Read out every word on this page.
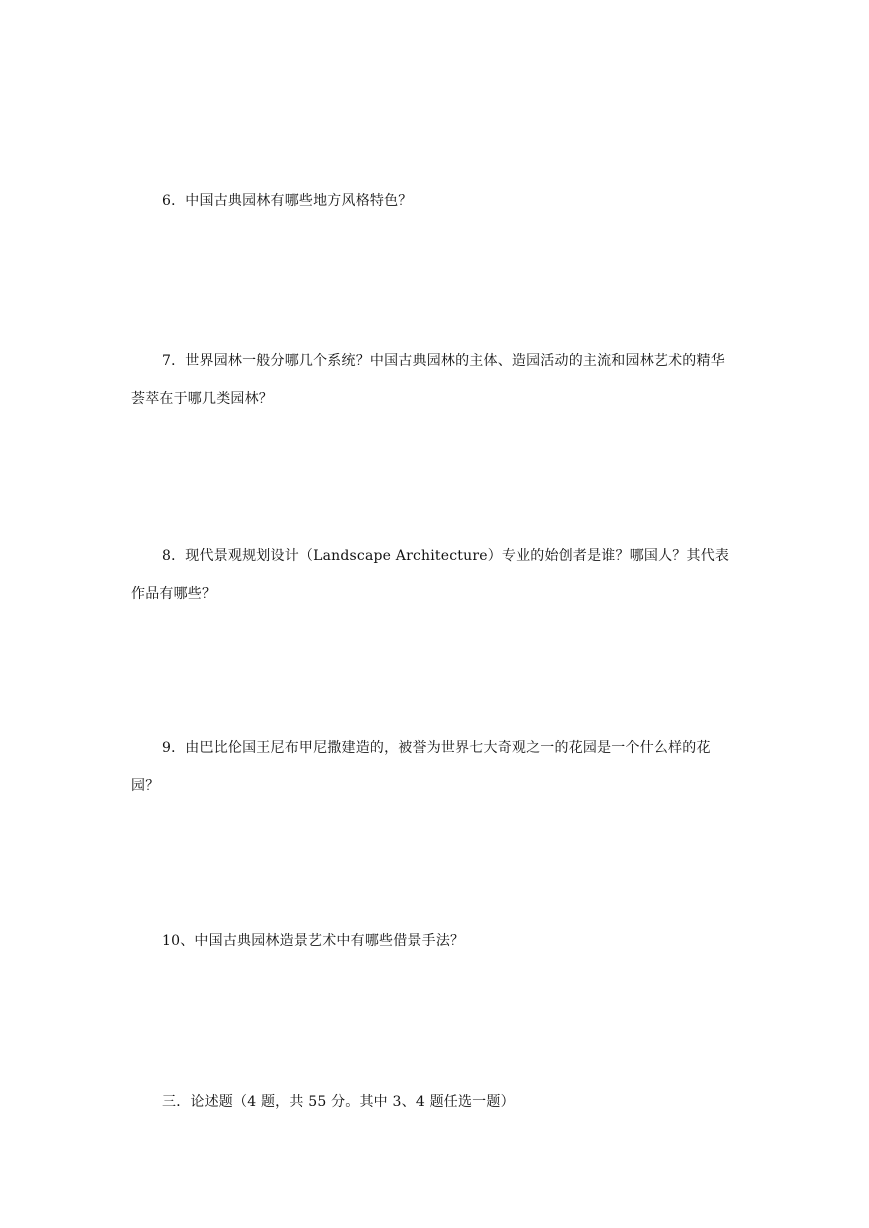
6．中国古典园林有哪些地方风格特色？

7．世界园林一般分哪几个系统？中国古典园林的主体、造园活动的主流和园林艺术的精华荟萃在于哪几类园林？

8．现代景观规划设计（Landscape Architecture）专业的始创者是谁？哪国人？其代表作品有哪些？

9．由巴比伦国王尼布甲尼撒建造的，被誉为世界七大奇观之一的花园是一个什么样的花园？

10、中国古典园林造景艺术中有哪些借景手法？

三．论述题（4 题，共 55 分。其中 3、4 题任选一题）
